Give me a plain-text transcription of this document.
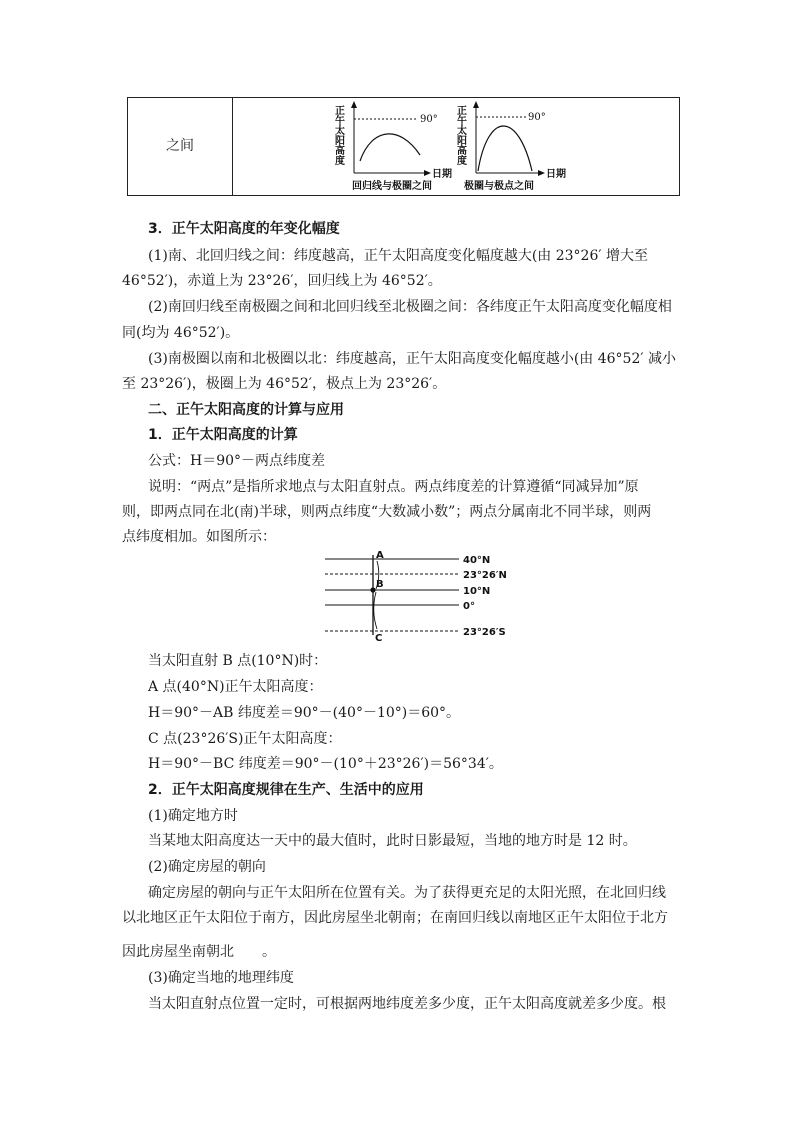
之间	正午太阳高度	90°
日期
回归线与极圈之间
正午太阳高度	90°
日期
极圈与极点之间
3．正午太阳高度的年变化幅度
(1)南、北回归线之间：纬度越高，正午太阳高度变化幅度越大(由 23°26′ 增大至
46°52′)，赤道上为 23°26′，回归线上为 46°52′。
(2)南回归线至南极圈之间和北回归线至北极圈之间：各纬度正午太阳高度变化幅度相
同(均为 46°52′)。
(3)南极圈以南和北极圈以北：纬度越高，正午太阳高度变化幅度越小(由 46°52′ 减小
至 23°26′)，极圈上为 46°52′，极点上为 23°26′。
二、正午太阳高度的计算与应用
1．正午太阳高度的计算
公式：H＝90°－两点纬度差
说明：“两点”是指所求地点与太阳直射点。两点纬度差的计算遵循“同减异加”原
则，即两点同在北(南)半球，则两点纬度“大数减小数”；两点分属南北不同半球，则两
点纬度相加。如图所示：
A
B
C
40°N
23°26′N
10°N
0°
23°26′S
当太阳直射 B 点(10°N)时：
A 点(40°N)正午太阳高度：
H＝90°－AB 纬度差＝90°－(40°－10°)＝60°。
C 点(23°26′S)正午太阳高度：
H＝90°－BC 纬度差＝90°－(10°＋23°26′)＝56°34′。
2．正午太阳高度规律在生产、生活中的应用
(1)确定地方时
当某地太阳高度达一天中的最大值时，此时日影最短，当地的地方时是 12 时。
(2)确定房屋的朝向
确定房屋的朝向与正午太阳所在位置有关。为了获得更充足的太阳光照，在北回归线
以北地区正午太阳位于南方，因此房屋坐北朝南；在南回归线以南地区正午太阳位于北方
因此房屋坐南朝北　　。
(3)确定当地的地理纬度
当太阳直射点位置一定时，可根据两地纬度差多少度，正午太阳高度就差多少度。根
